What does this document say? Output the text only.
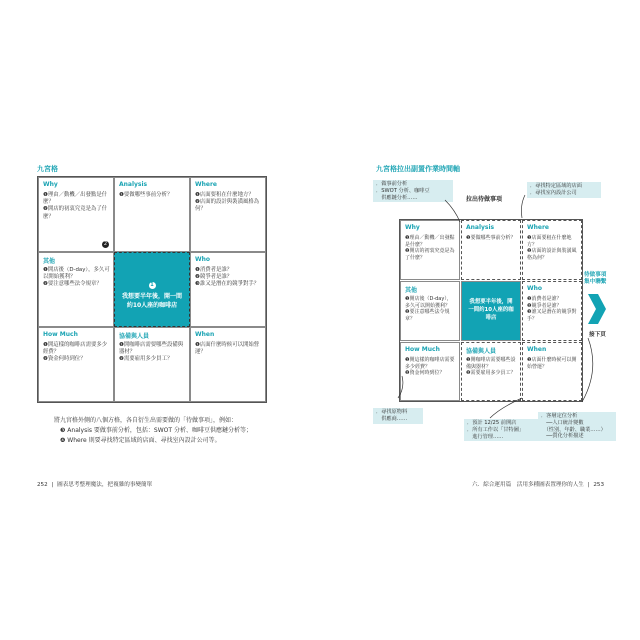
九宮格
Why
❶理由／動機／出發點是什麼？
❷開店的初衷究竟是為了什麼？
2
Analysis
❶要做哪些事前分析？
Where
❶店面要租在什麼地方？
❷店面的設計與裝潢風格為何？
其他
❶開店後（D-day），多久可以開始獲利？
❷要注意哪些法令規章？	1
我想要半年後，開一間約10人座的咖啡店
Who
❶消費者是誰？
❷競爭者是誰？
❸誰又是潛在的競爭對手？
How Much
❶開這樣的咖啡店需要多少經費？
❷資金何時到位？
協備與人員
❶開咖啡店需要哪些設備與器材？
❷需要雇用多少員工？
When
❶店面什麼時候可以開始營運？
將九宮格外側的八個方格，各自衍生出需要做的「待做事項」，例如：
❸ Analysis 要做事前分析，包括：SWOT 分析、咖啡豆供應鏈分析等；
❹ Where 則要尋找特定區域的店面、尋找室內設計公司等。
252 | 圖表思考整理魔法，把複雜的事變簡單
九宮格拉出副置作業時間軸
拉出待做事項
．做事前分析
．SWOT 分析、咖啡豆
　供應鏈分析……
．尋找特定區域的店面
．尋找室內設計公司
Why
❶理由／動機／出發點是什麼？
❷開店的初衷究竟是為了什麼？
Analysis
❶要做哪些事前分析？
Where
❶店面要租在什麼地方？
❷店面的設計與裝潢風格為何？
其他
❶開店後（D-day），多久可以開始獲利？
❷要注意哪些法令規章？
我想要半年後，開一間約10人座的咖啡店
Who
❶消費者是誰？
❷競爭者是誰？
❸誰又是潛在的競爭對手？
How Much
❶開這樣的咖啡店需要多少經費？
❷資金何時到位？
協備與人員
❶開咖啡店需要哪些設備與器材？
❷需要雇用多少員工？
When
❶店面什麼時候可以開始營運？
待做事項
集中聯繫
接下頁
．尋找原物料
　供應商……
．預計 12/25 前開店
．所有工作以「甘特圖」
　進行管理……
．客層定位分析
　──人口統計變數
　（性別、年齡、職業……）
　──質化分析描述
六．綜合運用篇　活用多種圖表置理你的人生 | 253
